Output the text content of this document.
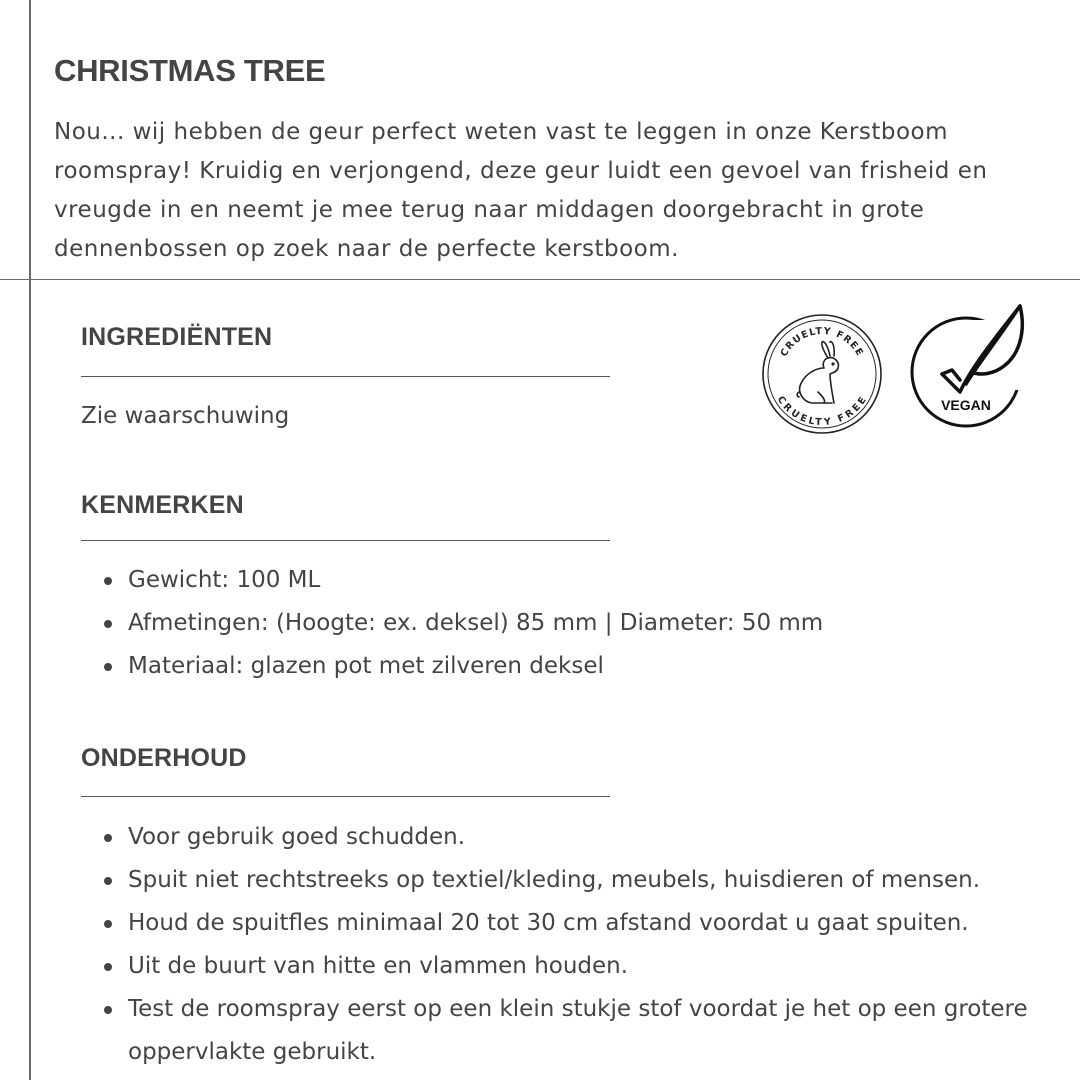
CHRISTMAS TREE

Nou... wij hebben de geur perfect weten vast te leggen in onze Kerstboom roomspray! Kruidig en verjongend, deze geur luidt een gevoel van frisheid en vreugde in en neemt je mee terug naar middagen doorgebracht in grote dennenbossen op zoek naar de perfecte kerstboom.

INGREDIËNTEN

Zie waarschuwing

KENMERKEN
Gewicht: 100 ML
Afmetingen: (Hoogte: ex. deksel) 85 mm | Diameter: 50 mm
Materiaal: glazen pot met zilveren deksel
ONDERHOUD
Voor gebruik goed schudden.
Spuit niet rechtstreeks op textiel/kleding, meubels, huisdieren of mensen.
Houd de spuitfles minimaal 20 tot 30 cm afstand voordat u gaat spuiten.
Uit de buurt van hitte en vlammen houden.
Test de roomspray eerst op een klein stukje stof voordat je het op een grotere oppervlakte gebruikt.
CRUELTY FREE
CRUELTY FREE	VEGAN
